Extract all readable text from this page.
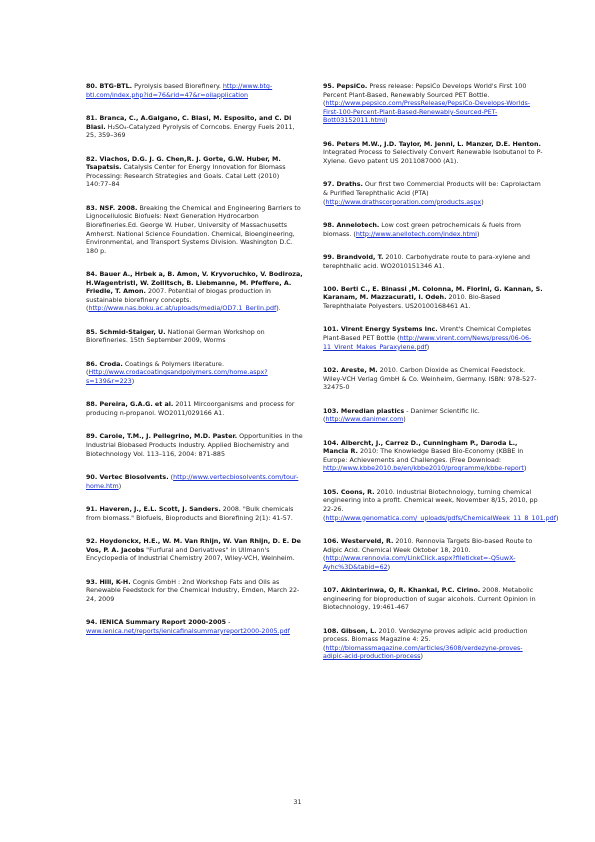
80. BTG-BTL. Pyrolysis based Biorefinery. http://www.btg-btl.com/index.php?id=76&rid=47&r=oilapplication

81. Branca, C., A.Galgano, C. Blasi, M. Esposito, and C. Di Blasi. H₂SO₄-Catalyzed Pyrolysis of Corncobs. Energy Fuels 2011, 25, 359–369

82. Vlachos, D.G. J. G. Chen,R. J. Gorte, G.W. Huber, M. Tsapatsis. Catalysis Center for Energy Innovation for Biomass Processing: Research Strategies and Goals. Catal Lett (2010) 140:77–84

83. NSF. 2008. Breaking the Chemical and Engineering Barriers to Lignocellulosic Biofuels: Next Generation Hydrocarbon Biorefineries.Ed. George W. Huber, University of Massachusetts Amherst. National Science Foundation. Chemical, Bioengineering, Environmental, and Transport Systems Division. Washington D.C. 180 p.

84. Bauer A., Hrbek a, B. Amon, V. Kryvoruchko, V. Bodiroza, H.Wagentristl, W. Zollitsch, B. Liebmanne, M. Pfeffere, A. Friedle, T. Amon. 2007. Potential of biogas production in sustainable biorefinery concepts. (http://www.nas.boku.ac.at/uploads/media/OD7.1_Berlin.pdf).

85. Schmid-Staiger, U. National German Workshop on Biorefineries. 15th September 2009, Worms

86. Croda. Coatings & Polymers literature. (Http://www.crodacoatingsandpolymers.com/home.aspx?s=139&r=223)

88. Pereira, G.A.G. et al. 2011 Mircoorganisms and process for producing n-propanol. WO2011/029166 A1.

89. Carole, T.M., J. Pellegrino, M.D. Paster. Opportunities in the Industrial Biobased Products Industry. Applied Biochemistry and Biotechnology Vol. 113–116, 2004: 871-885

90. Vertec Biosolvents. (http://www.vertecbiosolvents.com/tour-home.htm)

91. Haveren, J., E.L. Scott, J. Sanders. 2008. "Bulk chemicals from biomass." Biofuels, Bioproducts and Biorefining 2(1): 41-57.

92. Hoydonckx, H.E., W. M. Van Rhijn, W. Van Rhijn, D. E. De Vos, P. A. Jacobs "Furfural and Derivatives" in Ullmann's Encyclopedia of Industrial Chemistry 2007, Wiley-VCH, Weinheim.

93. Hill, K-H. Cognis GmbH : 2nd Workshop Fats and Oils as Renewable Feedstock for the Chemical Industry, Emden, March 22-24, 2009

94. IENICA Summary Report 2000-2005 - www.ienica.net/reports/ienicafinalsummaryreport2000-2005.pdf

95. PepsiCo. Press release: PepsiCo Develops World's First 100 Percent Plant-Based, Renewably Sourced PET Bottle. (http://www.pepsico.com/PressRelease/PepsiCo-Develops-Worlds-First-100-Percent-Plant-Based-Renewably-Sourced-PET-Bott03152011.html)

96. Peters M.W., J.D. Taylor, M. Jenni, L. Manzer, D.E. Henton. Integrated Process to Selectively Convert Renewable Isobutanol to P-Xylene. Gevo patent US 2011087000 (A1).

97. Draths. Our first two Commercial Products will be: Caprolactam & Purified Terephthalic Acid (PTA) (http://www.drathscorporation.com/products.aspx)

98. Annelotech. Low cost green petrochemicals & fuels from biomass. (http://www.anellotech.com/index.html)

99. Brandvold, T. 2010. Carbohydrate route to para-xylene and terephthalic acid. WO2010151346 A1.

100. Berti C., E. Binassi ,M. Colonna, M. Fiorini, G. Kannan, S. Karanam, M. Mazzacurati, I. Odeh. 2010. Bio-Based Terephthalate Polyesters. US20100168461 A1.

101. Virent Energy Systems Inc. Virent's Chemical Completes Plant-Based PET Bottle (http://www.virent.com/News/press/06-06-11_Virent_Makes_Paraxylene.pdf)

102. Areste, M. 2010. Carbon Dioxide as Chemical Feedstock. Wiley-VCH Verlag GmbH & Co. Weinheim, Germany. ISBN: 978-527-32475-0

103. Meredian plastics - Danimer Scientific llc. (http://www.danimer.com)

104. Albercht, J., Carrez D., Cunningham P., Daroda L., Mancia R. 2010: The Knowledge Based Bio-Economy (KBBE in Europe: Achievements and Challenges. (Free Download: http://www.kbbe2010.be/en/kbbe2010/programme/kbbe-report)

105. Coons, R. 2010. Industrial Biotechnology, turning chemical engineering into a profit. Chemical week, November 8/15, 2010, pp 22-26. (http://www.genomatica.com/_uploads/pdfs/ChemicalWeek_11_8_101.pdf)

106. Westerveld, R. 2010. Rennovia Targets Bio-based Route to Adipic Acid. Chemical Week Oktober 18, 2010. (http://www.rennovia.com/LinkClick.aspx?fileticket=-Q5uwX-Ayhc%3D&tabid=62)

107. Akinterinwa, O, R. Khankal, P.C. Cirino. 2008. Metabolic engineering for bioproduction of sugar alcohols. Current Opinion in Biotechnology, 19:461-467

108. Gibson, L. 2010. Verdezyne proves adipic acid production process. Biomass Magazine 4: 25. (http://biomassmagazine.com/articles/3608/verdezyne-proves-adipic-acid-production-process)

31
